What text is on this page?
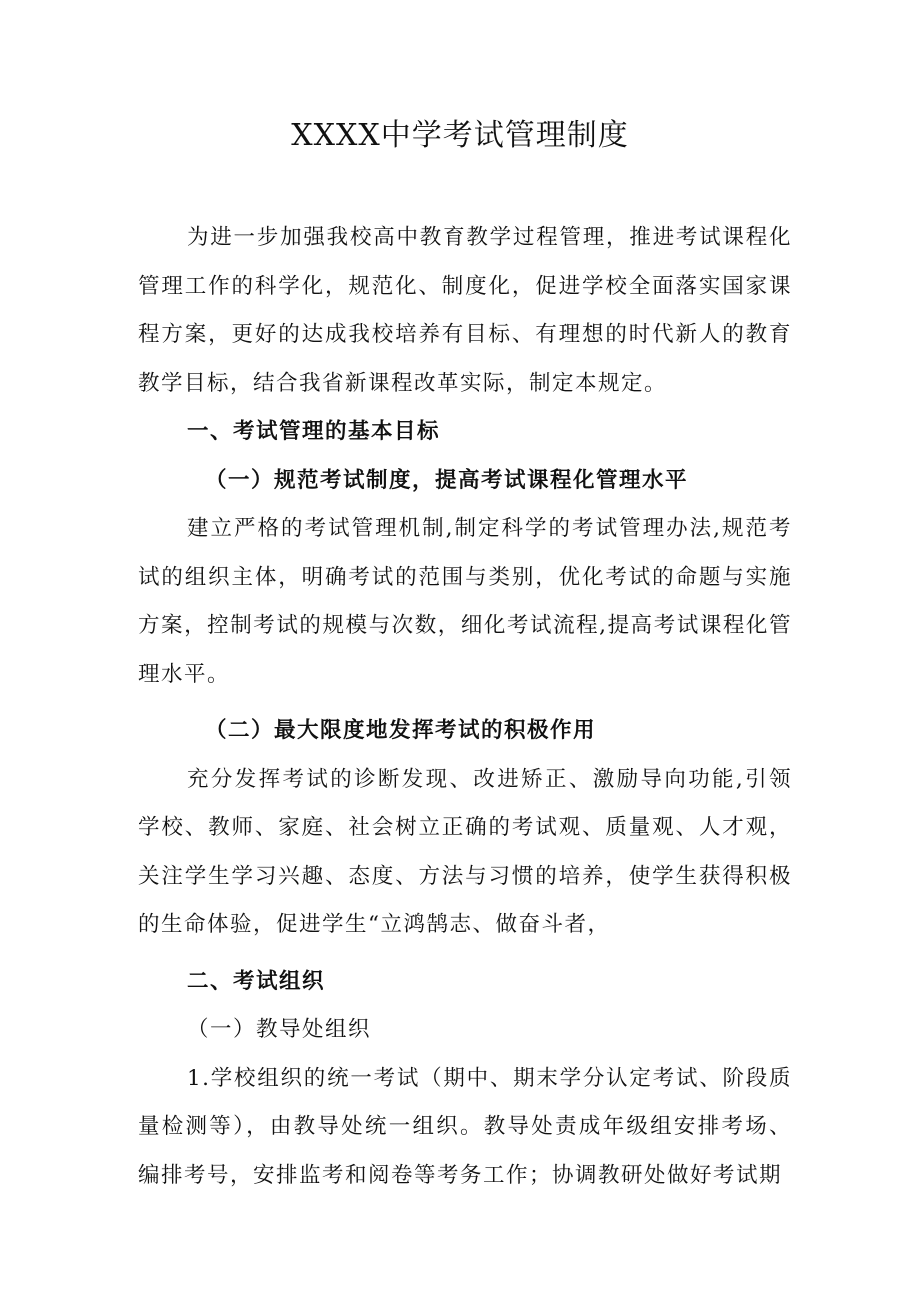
XXXX中学考试管理制度

为进一步加强我校高中教育教学过程管理，推进考试课程化管理工作的科学化，规范化、制度化，促进学校全面落实国家课程方案，更好的达成我校培养有目标、有理想的时代新人的教育教学目标，结合我省新课程改革实际，制定本规定。

一、考试管理的基本目标

（一）规范考试制度，提高考试课程化管理水平

建立严格的考试管理机制,制定科学的考试管理办法,规范考试的组织主体，明确考试的范围与类别，优化考试的命题与实施方案，控制考试的规模与次数，细化考试流程,提高考试课程化管理水平。

（二）最大限度地发挥考试的积极作用

充分发挥考试的诊断发现、改进矫正、激励导向功能,引领学校、教师、家庭、社会树立正确的考试观、质量观、人才观，关注学生学习兴趣、态度、方法与习惯的培养，使学生获得积极的生命体验，促进学生“立鸿鹄志、做奋斗者，

二、考试组织

（一）教导处组织

1.学校组织的统一考试（期中、期末学分认定考试、阶段质量检测等），由教导处统一组织。教导处责成年级组安排考场、编排考号，安排监考和阅卷等考务工作；协调教研处做好考试期
